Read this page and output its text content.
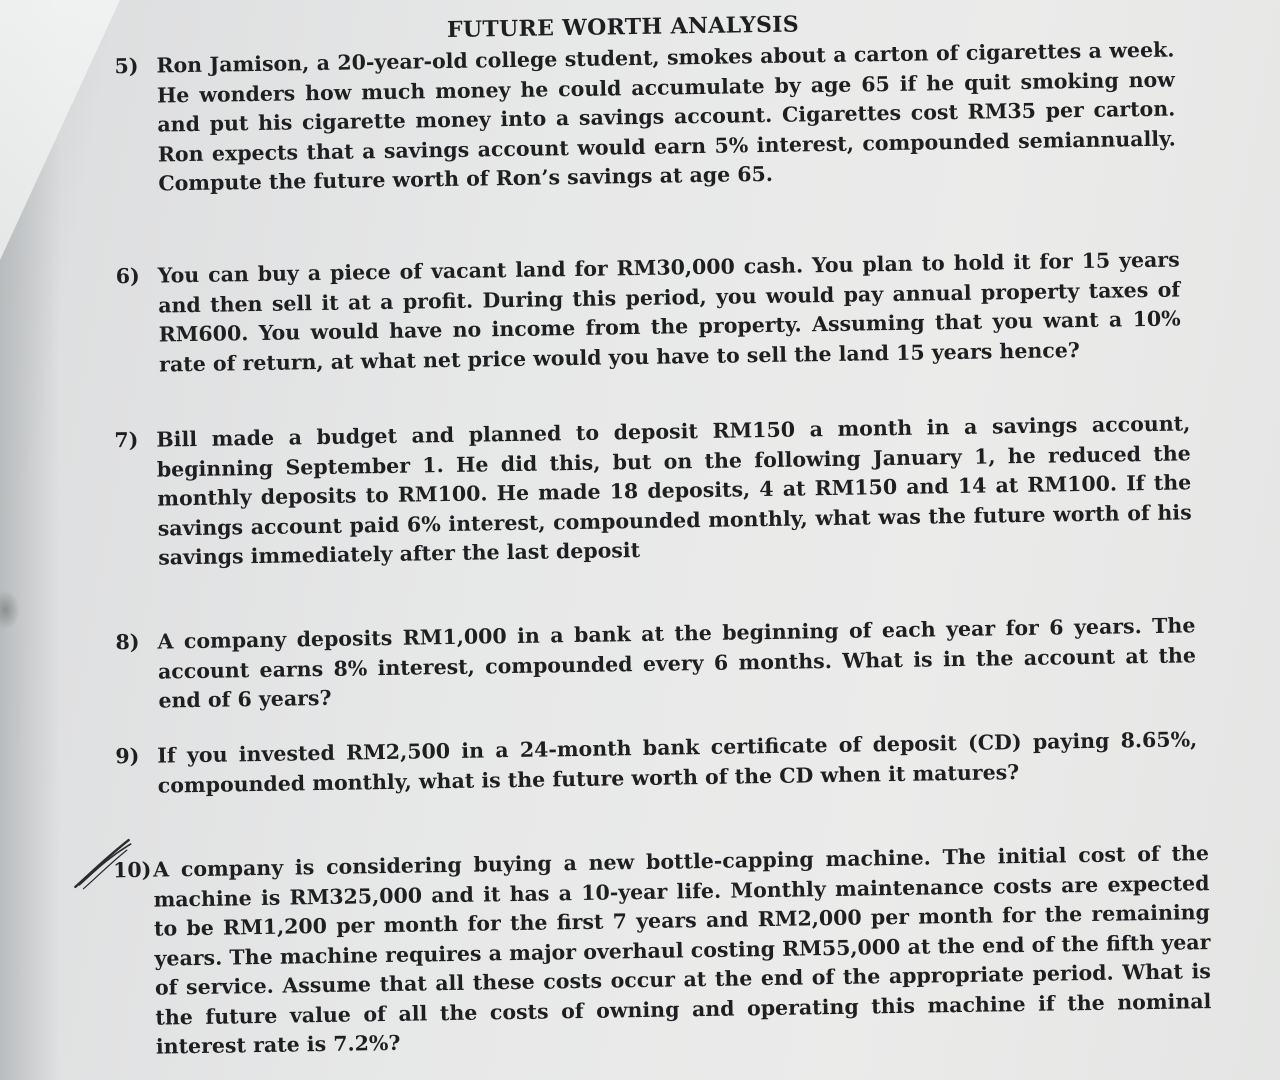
FUTURE WORTH ANALYSIS
5) Ron Jamison, a 20-year-old college student, smokes about a carton of cigarettes a week. He wonders how much money he could accumulate by age 65 if he quit smoking now and put his cigarette money into a savings account. Cigarettes cost RM35 per carton. Ron expects that a savings account would earn 5% interest, compounded semiannually. Compute the future worth of Ron’s savings at age 65.
6) You can buy a piece of vacant land for RM30,000 cash. You plan to hold it for 15 years and then sell it at a profit. During this period, you would pay annual property taxes of RM600. You would have no income from the property. Assuming that you want a 10% rate of return, at what net price would you have to sell the land 15 years hence?
7) Bill made a budget and planned to deposit RM150 a month in a savings account, beginning September 1. He did this, but on the following January 1, he reduced the monthly deposits to RM100. He made 18 deposits, 4 at RM150 and 14 at RM100. If the savings account paid 6% interest, compounded monthly, what was the future worth of his savings immediately after the last deposit
8) A company deposits RM1,000 in a bank at the beginning of each year for 6 years. The account earns 8% interest, compounded every 6 months. What is in the account at the end of 6 years?
9) If you invested RM2,500 in a 24-month bank certificate of deposit (CD) paying 8.65%, compounded monthly, what is the future worth of the CD when it matures?
10) A company is considering buying a new bottle-capping machine. The initial cost of the machine is RM325,000 and it has a 10-year life. Monthly maintenance costs are expected to be RM1,200 per month for the first 7 years and RM2,000 per month for the remaining years. The machine requires a major overhaul costing RM55,000 at the end of the fifth year of service. Assume that all these costs occur at the end of the appropriate period. What is the future value of all the costs of owning and operating this machine if the nominal interest rate is 7.2%?
